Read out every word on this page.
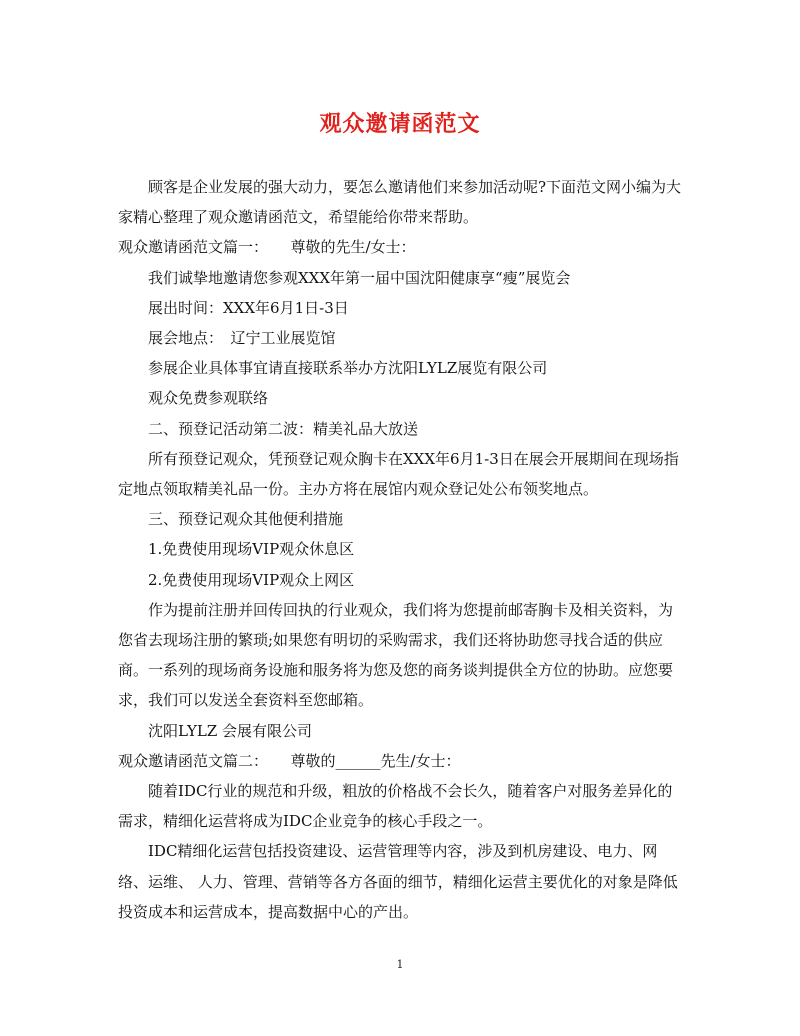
观众邀请函范文

顾客是企业发展的强大动力，要怎么邀请他们来参加活动呢?下面范文网小编为大家精心整理了观众邀请函范文，希望能给你带来帮助。

观众邀请函范文篇一：　　尊敬的先生/女士：

我们诚挚地邀请您参观XXX年第一届中国沈阳健康享“瘦”展览会

展出时间：XXX年6月1日-3日

展会地点：　辽宁工业展览馆

参展企业具体事宜请直接联系举办方沈阳LYLZ展览有限公司

观众免费参观联络

二、预登记活动第二波：精美礼品大放送

所有预登记观众，凭预登记观众胸卡在XXX年6月1-3日在展会开展期间在现场指定地点领取精美礼品一份。主办方将在展馆内观众登记处公布领奖地点。

三、预登记观众其他便利措施

1.免费使用现场VIP观众休息区

2.免费使用现场VIP观众上网区

作为提前注册并回传回执的行业观众，我们将为您提前邮寄胸卡及相关资料，为您省去现场注册的繁琐;如果您有明切的采购需求，我们还将协助您寻找合适的供应商。一系列的现场商务设施和服务将为您及您的商务谈判提供全方位的协助。应您要求，我们可以发送全套资料至您邮箱。

沈阳LYLZ 会展有限公司

观众邀请函范文篇二：　　尊敬的______先生/女士：

随着IDC行业的规范和升级，粗放的价格战不会长久，随着客户对服务差异化的需求，精细化运营将成为IDC企业竞争的核心手段之一。

IDC精细化运营包括投资建设、运营管理等内容，涉及到机房建设、电力、网络、运维、 人力、管理、营销等各方各面的细节，精细化运营主要优化的对象是降低投资成本和运营成本，提高数据中心的产出。

1
